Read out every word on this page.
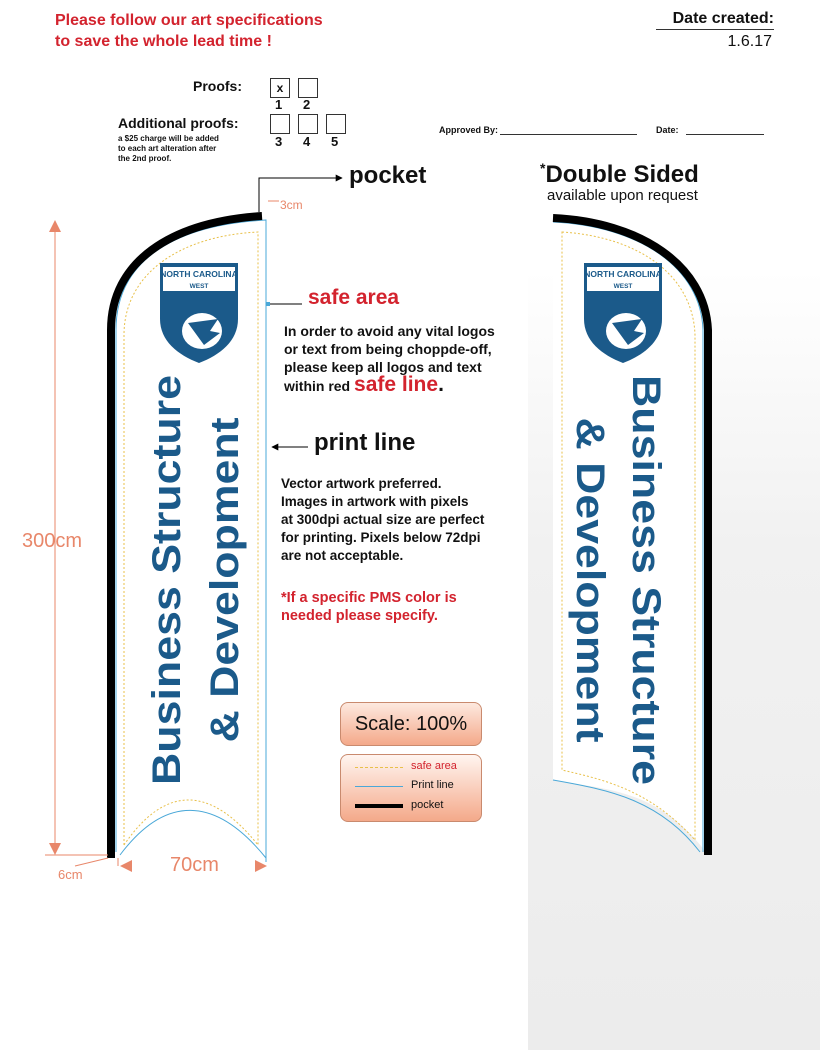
Please follow our art specifications
to save the whole lead time !
Date created:
1.6.17
Proofs:	x
1 2
Additional proofs:
a $25 charge will be added
to each art alteration after
the 2nd proof.
3 4 5
Approved By:	Date:
pocket	*Double Sided
available upon request
safe area
In order to avoid any vital logos
or text from being choppde-off,
please keep all logos and text
within red safe line.
print line
Vector artwork preferred.
Images in artwork with pixels
at 300dpi actual size are perfect
for printing. Pixels below 72dpi
are not acceptable.
*If a specific PMS color is
needed please specify.
Scale: 100%
safe area
Print line
pocket
NORTH CAROLINA
WEST
Business Structure & Development
NORTH CAROLINA
WEST
Business Structure
& Development
3cm
300cm
70cm
6cm
